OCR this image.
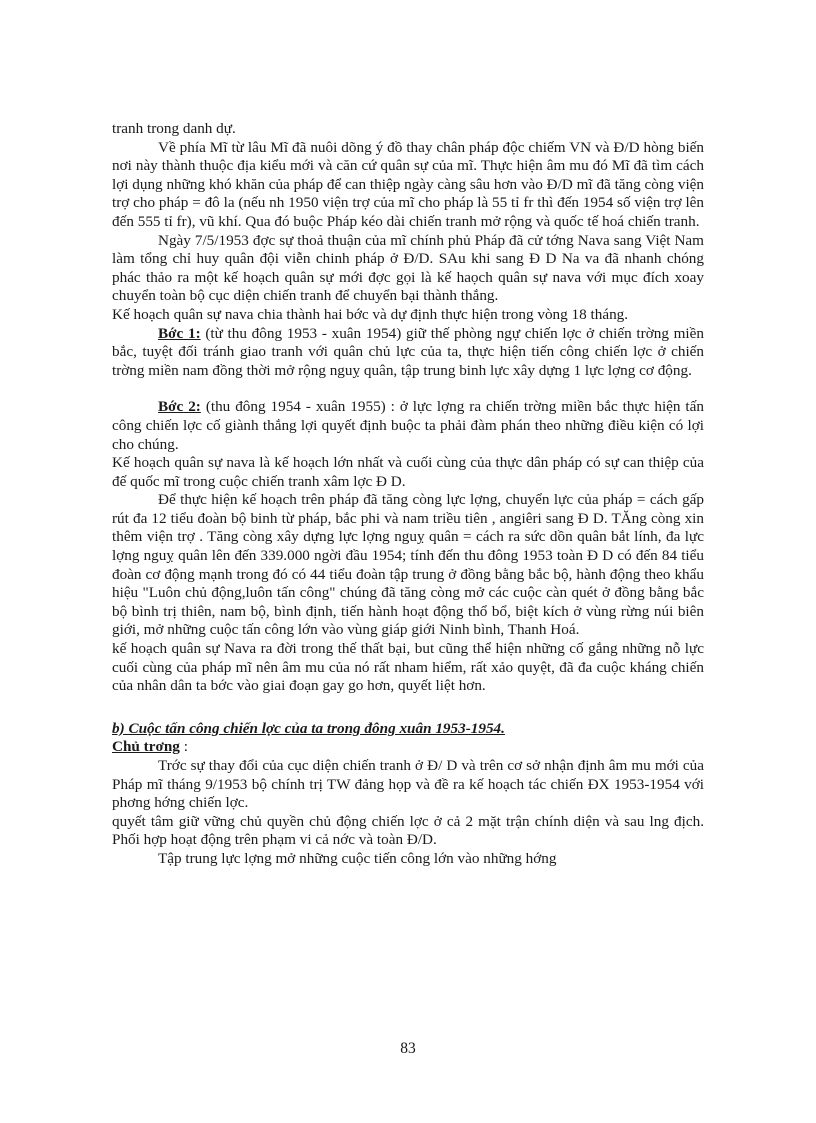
tranh trong danh dự.

Về phía Mĩ từ lâu Mĩ đã nuôi dõng ý đồ thay chân pháp độc chiếm VN và Đ/D hòng biến nơi này thành thuộc địa kiểu mới và căn cứ quân sự của mĩ. Thực hiện âm mu đó Mĩ đã tìm cách lợi dụng những khó khăn của pháp để can thiệp ngày càng sâu hơn vào Đ/D mĩ đã tăng còng viện trợ cho pháp = đô la (nếu nh 1950 viện trợ của mĩ cho pháp là 55 tỉ fr thì đến 1954 số viện trợ lên đến 555 tỉ fr), vũ khí. Qua đó buộc Pháp kéo dài chiến tranh mở rộng và quốc tế hoá chiến tranh.

Ngày 7/5/1953 đợc sự thoả thuận của mĩ chính phủ Pháp đã cử tớng Nava sang Việt Nam làm tổng chỉ huy quân đội viễn chinh pháp ở Đ/D. SAu khi sang Đ D Na va đã nhanh chóng phác thảo ra một kế hoạch quân sự mới đợc gọi là kế haọch quân sự nava với mục đích xoay chuyển toàn bộ cục diện chiến tranh để chuyển bại thành thắng.

Kế hoạch quân sự nava chia thành hai bớc và dự định thực hiện trong vòng 18 tháng.

Bớc 1: (từ thu đông 1953 - xuân 1954) giữ thế phòng ngự chiến lợc ở chiến trờng miền bắc, tuyệt đối tránh giao tranh với quân chủ lực của ta, thực hiện tiến công chiến lợc ở chiến trờng miền nam đồng thời mở rộng nguỵ quân, tập trung binh lực xây dựng 1 lực lợng cơ động.

Bớc 2: (thu đông 1954 - xuân 1955) : ở lực lợng ra chiến trờng miền bắc thực hiện tấn công chiến lợc cố giành thắng lợi quyết định buộc ta phải đàm phán theo những điều kiện có lợi cho chúng.

Kế hoạch quân sự nava là kế hoạch lớn nhất và cuối cùng của thực dân pháp có sự can thiệp của đế quốc mĩ trong cuộc chiến tranh xâm lợc Đ D.

Để thực hiện kế hoạch trên pháp đã tăng còng lực lợng, chuyển lực của pháp = cách gấp rút đa 12 tiểu đoàn bộ binh từ pháp, bắc phi và nam triều tiên , angiêri sang Đ D. TĂng còng xin thêm viện trợ . Tăng còng xây dựng lực lợng nguỵ quân = cách ra sức dồn quân bắt lính, đa lực lợng nguỵ quân lên đến 339.000 ngời đầu 1954; tính đến thu đông 1953 toàn Đ D có đến 84 tiểu đoàn cơ động mạnh trong đó có 44 tiểu đoàn tập trung ở đồng bằng bắc bộ, hành động theo khẩu hiệu "Luôn chủ động,luôn tấn công" chúng đã tăng còng mở các cuộc càn quét ở đồng bằng bắc bộ bình trị thiên, nam bộ, bình định, tiến hành hoạt động thổ bổ, biệt kích ở vùng rừng núi biên giới, mở những cuộc tấn công lớn vào vùng giáp giới Ninh bình, Thanh Hoá.

kế hoạch quân sự Nava ra đời trong thế thất bại, but cũng thể hiện những cố gắng những nỗ lực cuối cùng của pháp mĩ nên âm mu của nó rất nham hiểm, rất xảo quyệt, đã đa cuộc kháng chiến của nhân dân ta bớc vào giai đoạn gay go hơn, quyết liệt hơn.

b) Cuộc tấn công chiến lợc của ta trong đông xuân 1953-1954.

Chủ trơng :

Trớc sự thay đổi của cục diện chiến tranh ở Đ/ D và trên cơ sở nhận định âm mu mới của Pháp mĩ tháng 9/1953 bộ chính trị TW đảng họp và đề ra kế hoạch tác chiến ĐX 1953-1954 với phơng hớng chiến lợc.

quyết tâm giữ vững chủ quyền chủ động chiến lợc ở cả 2 mặt trận chính diện và sau lng địch. Phối hợp hoạt động trên phạm vi cả nớc và toàn Đ/D.

Tập trung lực lợng mở những cuộc tiến công lớn vào những hớng

83
